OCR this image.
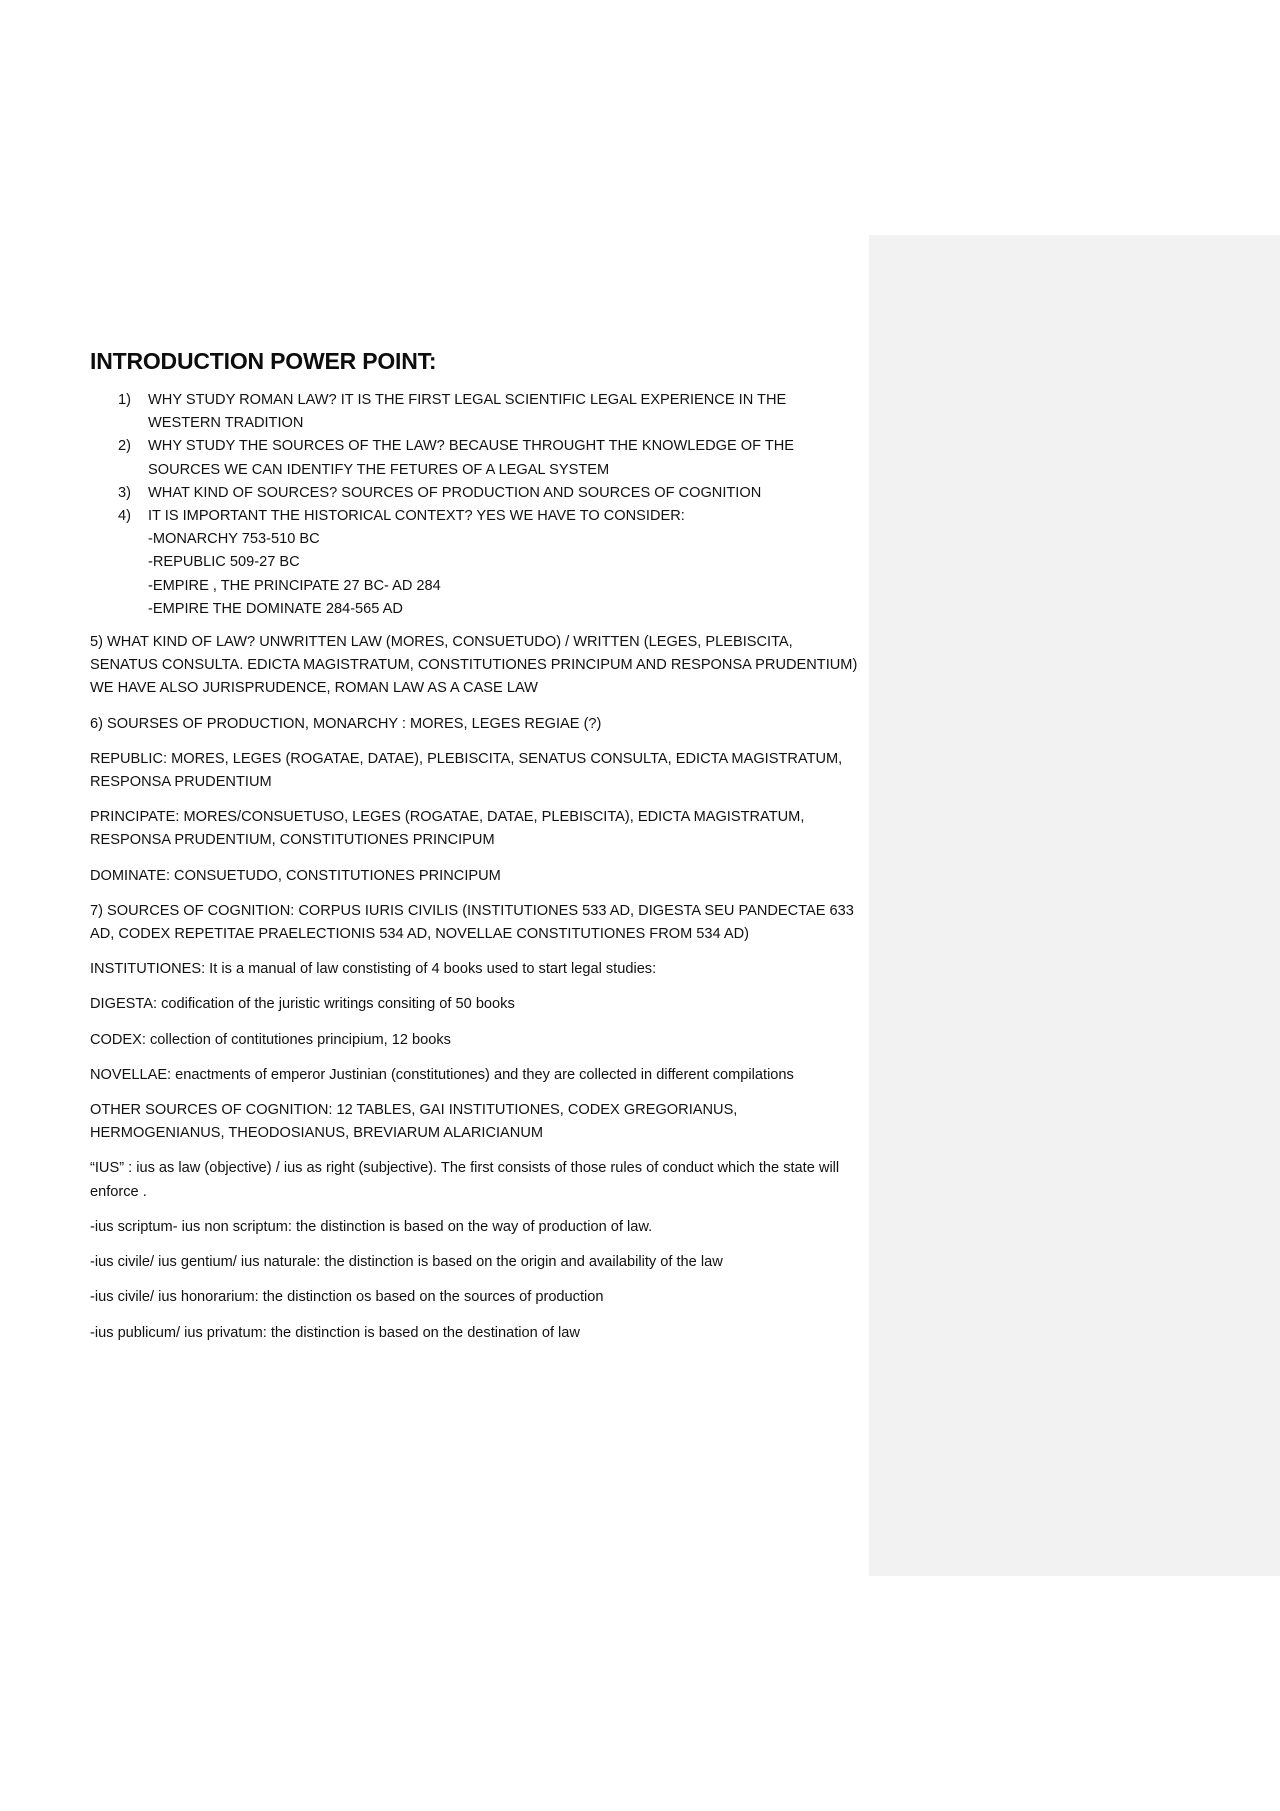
INTRODUCTION POWER POINT:
1) WHY STUDY ROMAN LAW? IT IS THE FIRST LEGAL SCIENTIFIC LEGAL EXPERIENCE IN THE WESTERN TRADITION
2) WHY STUDY THE SOURCES OF THE LAW? BECAUSE THROUGHT THE KNOWLEDGE OF THE SOURCES WE CAN IDENTIFY THE FETURES OF A LEGAL SYSTEM
3) WHAT KIND OF SOURCES? SOURCES OF PRODUCTION AND SOURCES OF COGNITION
4) IT IS IMPORTANT THE HISTORICAL CONTEXT? YES WE HAVE TO CONSIDER:
-MONARCHY 753-510 BC
-REPUBLIC 509-27 BC
-EMPIRE , THE PRINCIPATE 27 BC- AD 284
-EMPIRE THE DOMINATE 284-565 AD

5) WHAT KIND OF LAW? UNWRITTEN LAW (MORES, CONSUETUDO) / WRITTEN (LEGES, PLEBISCITA, SENATUS CONSULTA. EDICTA MAGISTRATUM, CONSTITUTIONES PRINCIPUM AND RESPONSA PRUDENTIUM) WE HAVE ALSO JURISPRUDENCE, ROMAN LAW AS A CASE LAW

6) SOURSES OF PRODUCTION, MONARCHY : MORES, LEGES REGIAE (?)

REPUBLIC: MORES, LEGES (ROGATAE, DATAE), PLEBISCITA, SENATUS CONSULTA, EDICTA MAGISTRATUM, RESPONSA PRUDENTIUM

PRINCIPATE: MORES/CONSUETUSO, LEGES (ROGATAE, DATAE, PLEBISCITA), EDICTA MAGISTRATUM, RESPONSA PRUDENTIUM, CONSTITUTIONES PRINCIPUM

DOMINATE: CONSUETUDO, CONSTITUTIONES PRINCIPUM

7) SOURCES OF COGNITION: CORPUS IURIS CIVILIS (INSTITUTIONES 533 AD, DIGESTA SEU PANDECTAE 633 AD, CODEX REPETITAE PRAELECTIONIS 534 AD, NOVELLAE CONSTITUTIONES FROM 534 AD)

INSTITUTIONES: It is a manual of law constisting of 4 books used to start legal studies:

DIGESTA: codification of the juristic writings consiting of 50 books

CODEX: collection of contitutiones principium, 12 books

NOVELLAE: enactments of emperor Justinian (constitutiones) and they are collected in different compilations

OTHER SOURCES OF COGNITION: 12 TABLES, GAI INSTITUTIONES, CODEX GREGORIANUS, HERMOGENIANUS, THEODOSIANUS, BREVIARUM ALARICIANUM

“IUS” : ius as law (objective) / ius as right (subjective). The first consists of those rules of conduct which the state will enforce .

-ius scriptum- ius non scriptum: the distinction is based on the way of production of law.

-ius civile/ ius gentium/ ius naturale: the distinction is based on the origin and availability of the law

-ius civile/ ius honorarium: the distinction os based on the sources of production

-ius publicum/ ius privatum: the distinction is based on the destination of law
